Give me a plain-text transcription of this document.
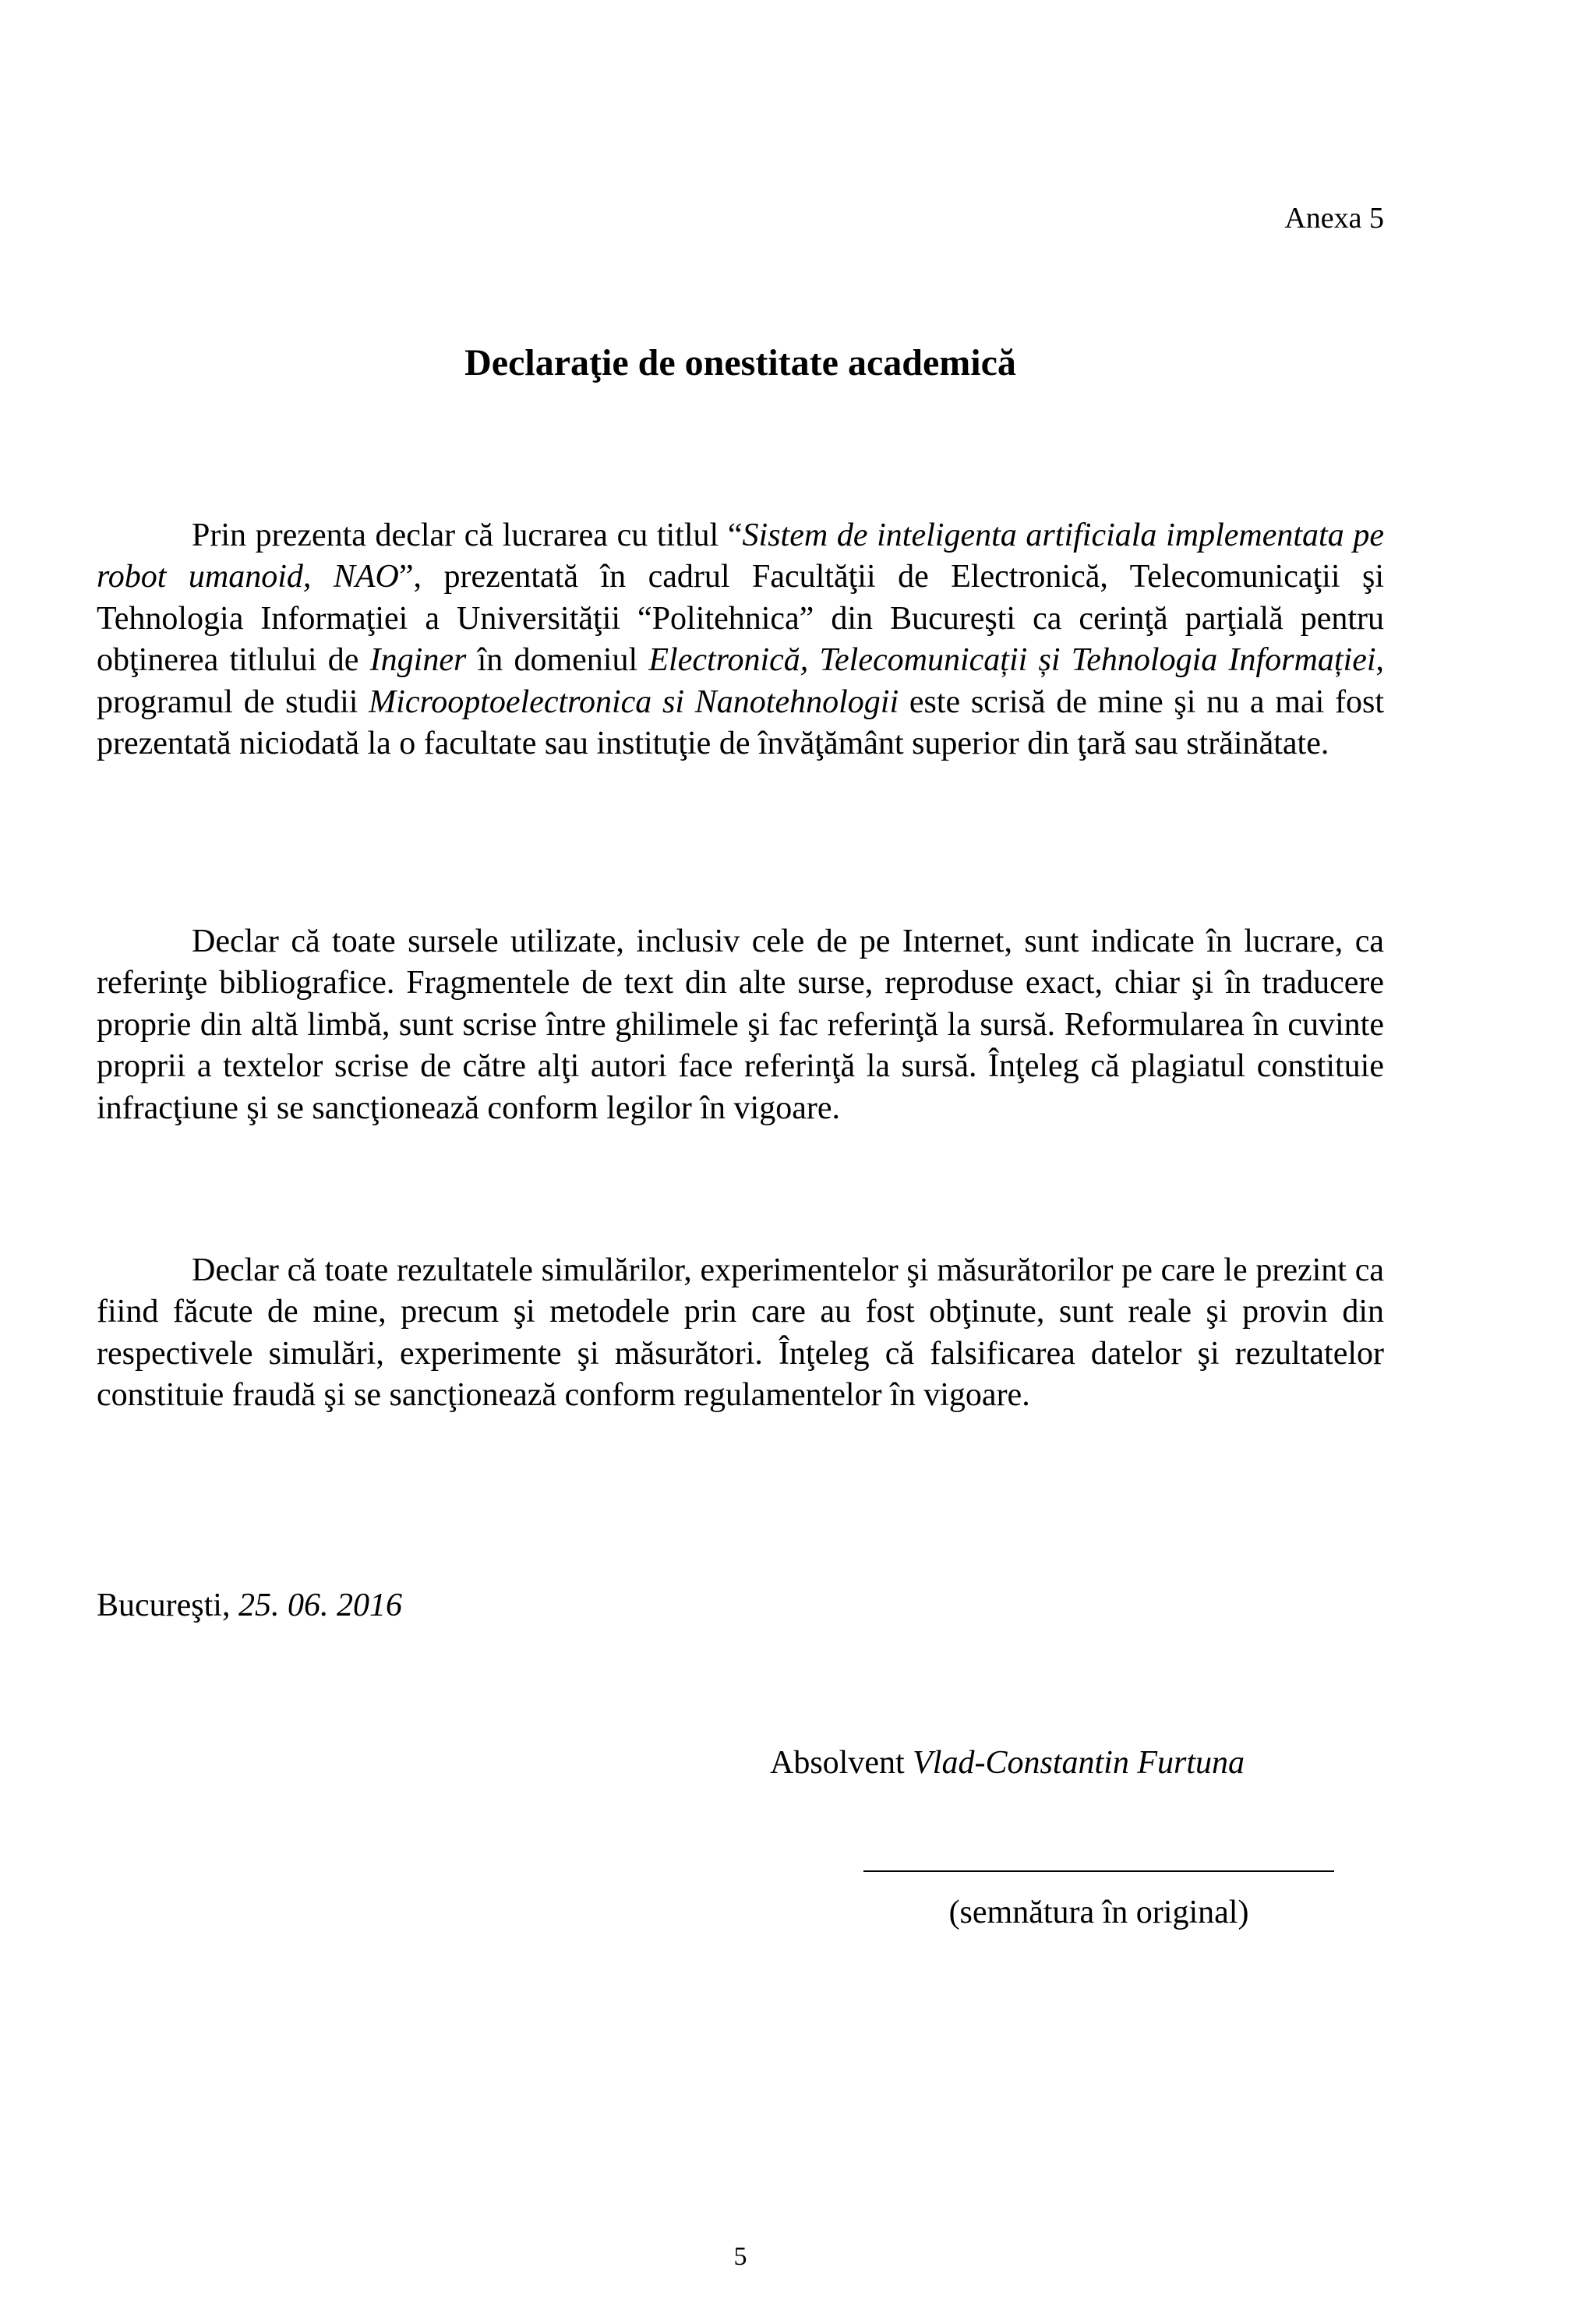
Anexa 5

Declaraţie de onestitate academică

Prin prezenta declar că lucrarea cu titlul “Sistem de inteligenta artificiala implementata pe robot umanoid, NAO”, prezentată în cadrul Facultăţii de Electronică, Telecomunicaţii şi Tehnologia Informaţiei a Universităţii “Politehnica” din Bucureşti ca cerinţă parţială pentru obţinerea titlului de Inginer în domeniul Electronică, Telecomunicații și Tehnologia Informației, programul de studii Microoptoelectronica si Nanotehnologii este scrisă de mine şi nu a mai fost prezentată niciodată la o facultate sau instituţie de învăţământ superior din ţară sau străinătate.

Declar că toate sursele utilizate, inclusiv cele de pe Internet, sunt indicate în lucrare, ca referinţe bibliografice. Fragmentele de text din alte surse, reproduse exact, chiar şi în traducere proprie din altă limbă, sunt scrise între ghilimele şi fac referinţă la sursă. Reformularea în cuvinte proprii a textelor scrise de către alţi autori face referinţă la sursă. Înţeleg că plagiatul constituie infracţiune şi se sancţionează conform legilor în vigoare.

Declar că toate rezultatele simulărilor, experimentelor şi măsurătorilor pe care le prezint ca fiind făcute de mine, precum şi metodele prin care au fost obţinute, sunt reale şi provin din respectivele simulări, experimente şi măsurători. Înţeleg că falsificarea datelor şi rezultatelor constituie fraudă şi se sancţionează conform regulamentelor în vigoare.

Bucureşti, 25. 06. 2016

Absolvent Vlad-Constantin Furtuna

(semnătura în original)

5
